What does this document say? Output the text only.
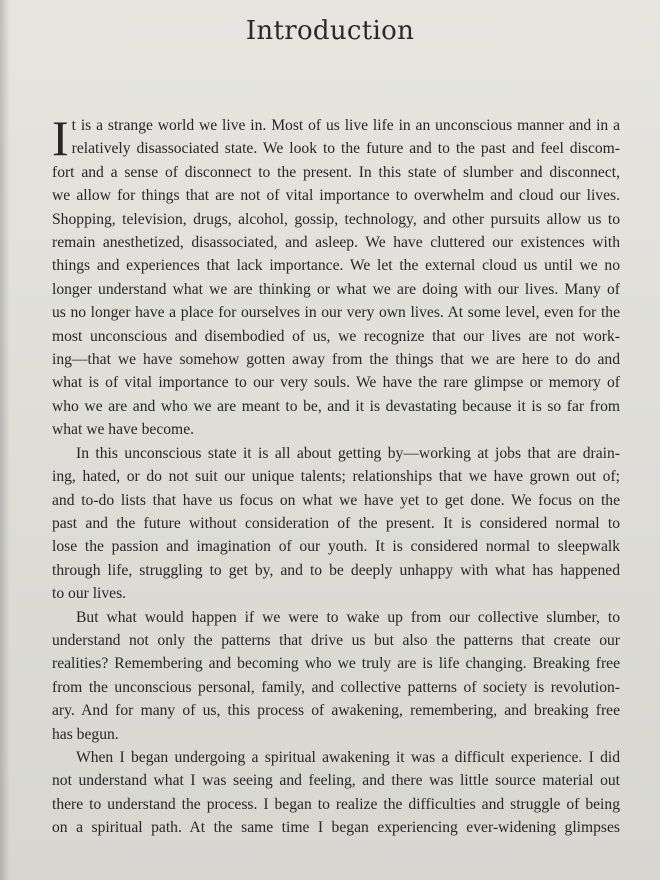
Introduction
I t is a strange world we live in. Most of us live life in an unconscious manner and in a
relatively disassociated state. We look to the future and to the past and feel discom-
fort and a sense of disconnect to the present. In this state of slumber and disconnect,
we allow for things that are not of vital importance to overwhelm and cloud our lives.
Shopping, television, drugs, alcohol, gossip, technology, and other pursuits allow us to
remain anesthetized, disassociated, and asleep. We have cluttered our existences with
things and experiences that lack importance. We let the external cloud us until we no
longer understand what we are thinking or what we are doing with our lives. Many of
us no longer have a place for ourselves in our very own lives. At some level, even for the
most unconscious and disembodied of us, we recognize that our lives are not work-
ing—that we have somehow gotten away from the things that we are here to do and
what is of vital importance to our very souls. We have the rare glimpse or memory of
who we are and who we are meant to be, and it is devastating because it is so far from
what we have become.
In this unconscious state it is all about getting by—working at jobs that are drain-
ing, hated, or do not suit our unique talents; relationships that we have grown out of;
and to-do lists that have us focus on what we have yet to get done. We focus on the
past and the future without consideration of the present. It is considered normal to
lose the passion and imagination of our youth. It is considered normal to sleepwalk
through life, struggling to get by, and to be deeply unhappy with what has happened
to our lives.
But what would happen if we were to wake up from our collective slumber, to
understand not only the patterns that drive us but also the patterns that create our
realities? Remembering and becoming who we truly are is life changing. Breaking free
from the unconscious personal, family, and collective patterns of society is revolution-
ary. And for many of us, this process of awakening, remembering, and breaking free
has begun.
When I began undergoing a spiritual awakening it was a difficult experience. I did
not understand what I was seeing and feeling, and there was little source material out
there to understand the process. I began to realize the difficulties and struggle of being
on a spiritual path. At the same time I began experiencing ever-widening glimpses
